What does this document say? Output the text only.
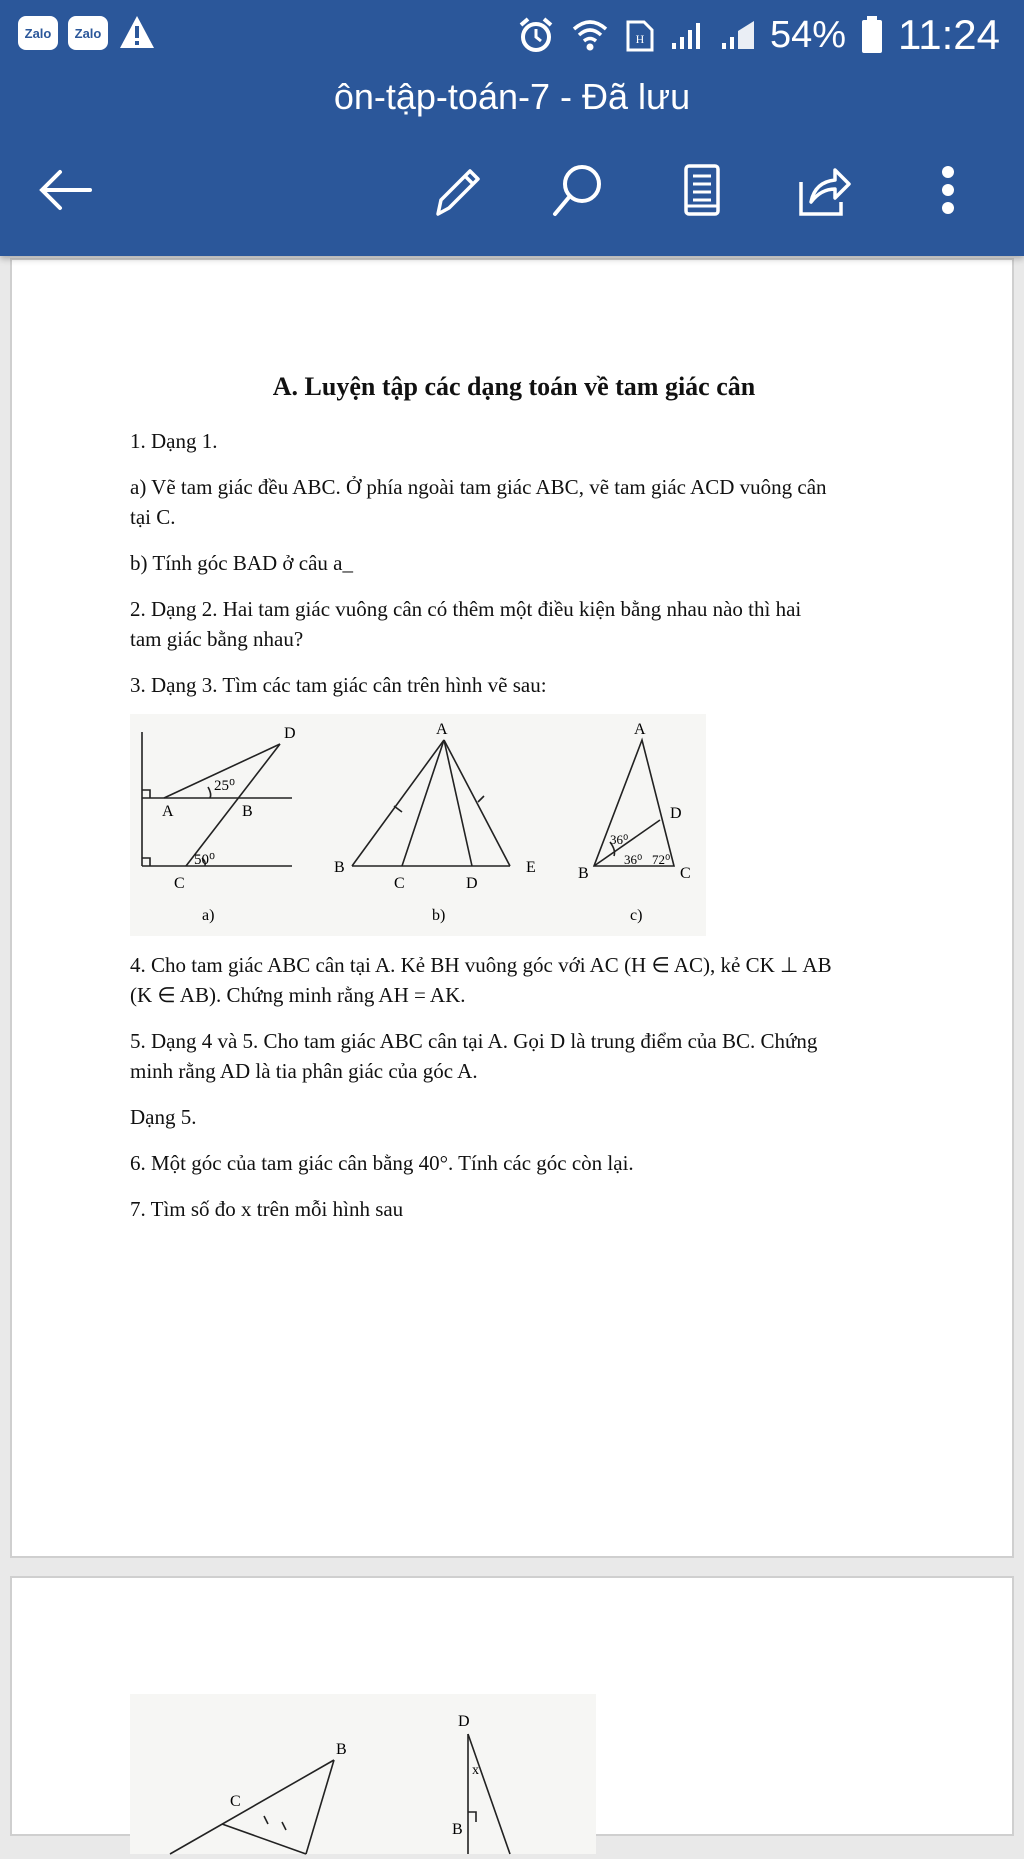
Zalo Zalo	H	54% 11:24
ôn-tập-toán-7 - Đã lưu
A. Luyện tập các dạng toán về tam giác cân
1. Dạng 1.
a) Vẽ tam giác đều ABC. Ở phía ngoài tam giác ABC, vẽ tam giác ACD vuông cân
tại C.
b) Tính góc BAD ở câu a_
2. Dạng 2. Hai tam giác vuông cân có thêm một điều kiện bằng nhau nào thì hai
tam giác bằng nhau?
3. Dạng 3. Tìm các tam giác cân trên hình vẽ sau:
D
A	B
25⁰
50⁰
C
a)
A
B
C	D
E
b)
A
B	C
D
36⁰
36⁰ 72⁰
c)
4. Cho tam giác ABC cân tại A. Kẻ BH vuông góc với AC (H ∈ AC), kẻ CK ⊥ AB
(K ∈ AB). Chứng minh rằng AH = AK.
5. Dạng 4 và 5. Cho tam giác ABC cân tại A. Gọi D là trung điểm của BC. Chứng
minh rằng AD là tia phân giác của góc A.
Dạng 5.
6. Một góc của tam giác cân bằng 40°. Tính các góc còn lại.
7. Tìm số đo x trên mỗi hình sau
B
C
D
x
B
